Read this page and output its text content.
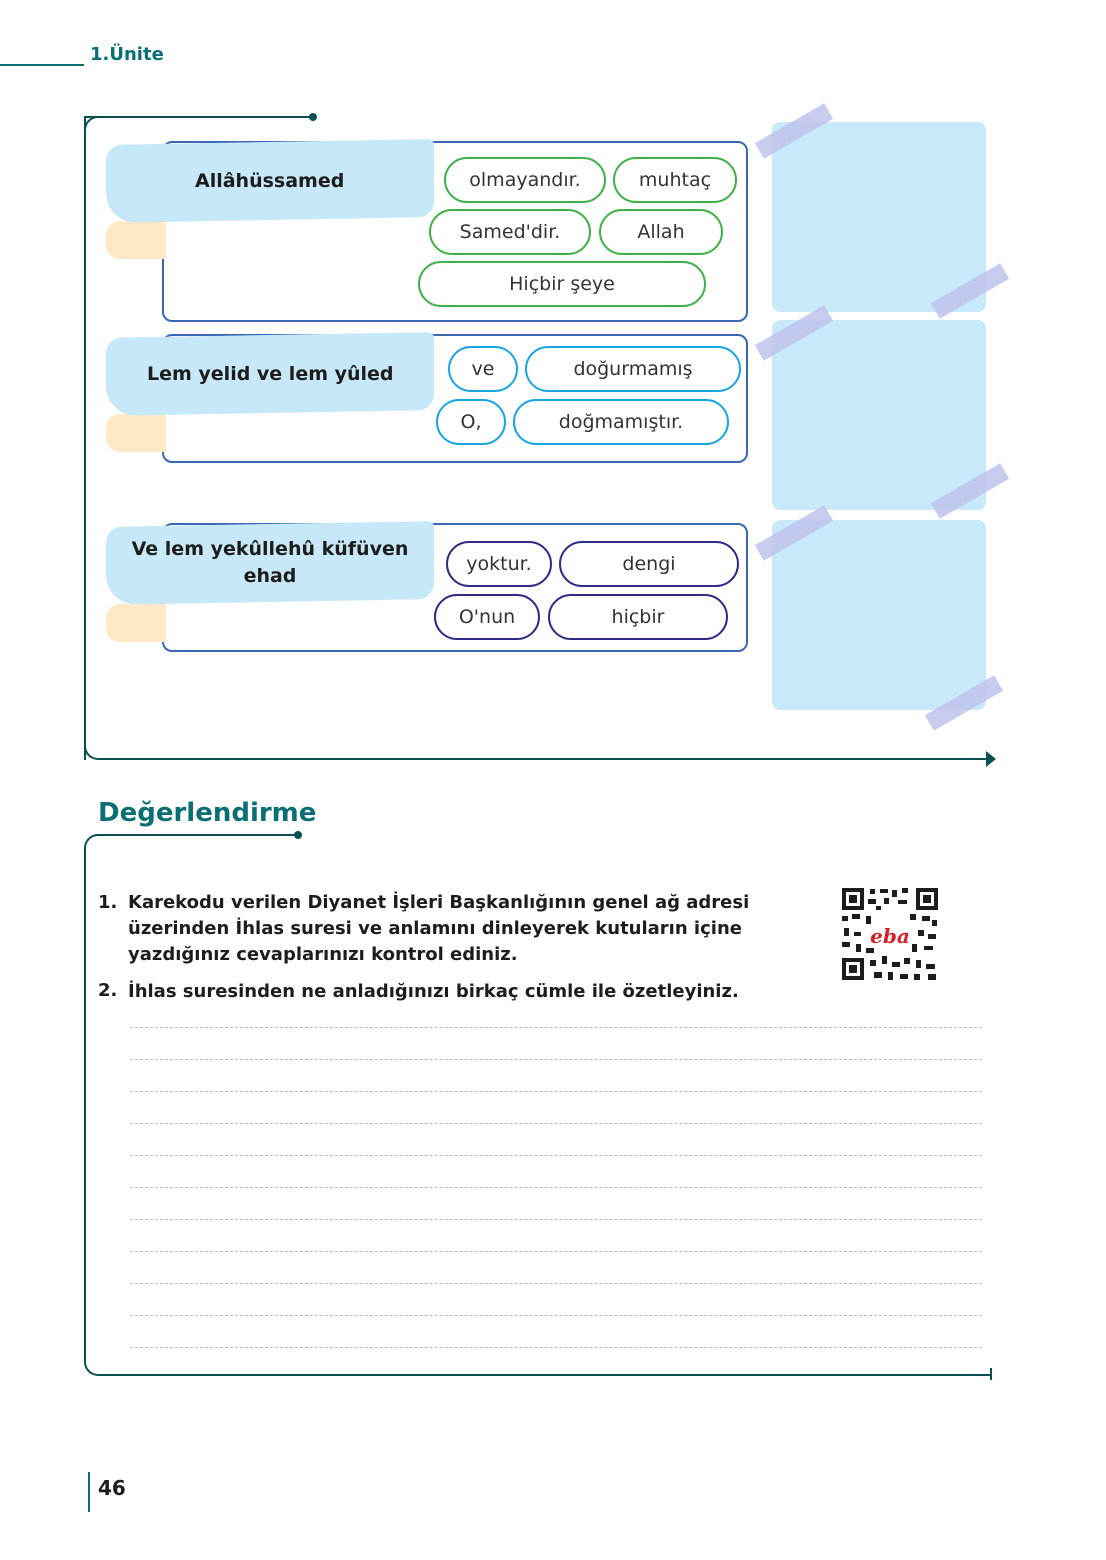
1.Ünite
Allâhüssamed	olmayandır.	muhtaç
Samed'dir.	Allah
Hiçbir şeye
Lem yelid ve lem yûled	ve	doğurmamış
O,	doğmamıştır.
Ve lem yekûllehû küfüven ehad
yoktur.	dengi
O'nun	hiçbir
Değerlendirme
1. Karekodu verilen Diyanet İşleri Başkanlığının genel ağ adresi üzerinden İhlas suresi ve anlamını dinleyerek kutuların içine yazdığınız cevaplarınızı kontrol ediniz.
2. İhlas suresinden ne anladığınızı birkaç cümle ile özetleyiniz.
eba
46
